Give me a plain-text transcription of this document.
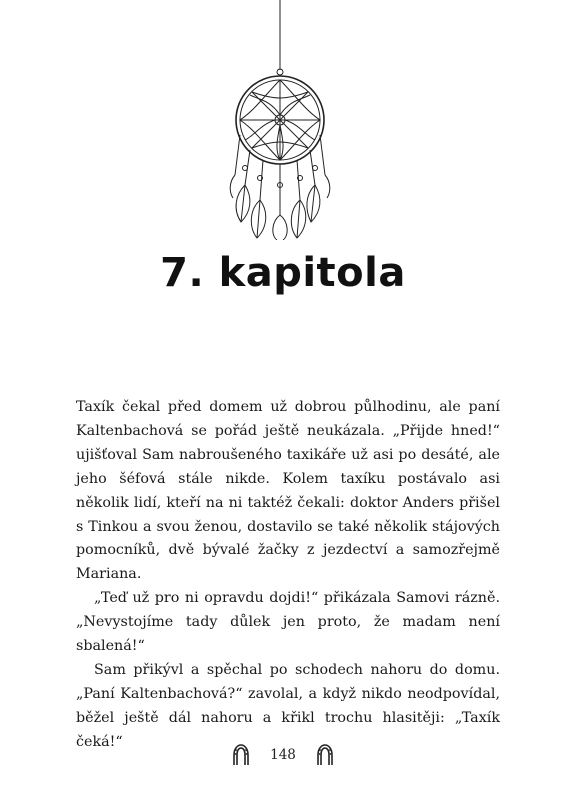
7. kapitola

Taxík čekal před domem už dobrou půlhodinu, ale paní Kaltenbachová se pořád ještě neukázala. „Přijde hned!“ ujišťoval Sam nabroušeného taxikáře už asi po desáté, ale jeho šéfová stále nikde. Kolem taxíku postávalo asi několik lidí, kteří na ni taktéž čekali: doktor Anders přišel s Tinkou a svou ženou, dostavilo se také několik stájových pomocníků, dvě bývalé žačky z jezdectví a samozřejmě Mariana.

„Teď už pro ni opravdu dojdi!“ přikázala Samovi rázně. „Nevystojíme tady důlek jen proto, že madam není sbalená!“

Sam přikývl a spěchal po schodech nahoru do domu. „Paní Kaltenbachová?“ zavolal, a když nikdo neodpovídal, běžel ještě dál nahoru a křikl trochu hlasitěji: „Taxík čeká!“

148
